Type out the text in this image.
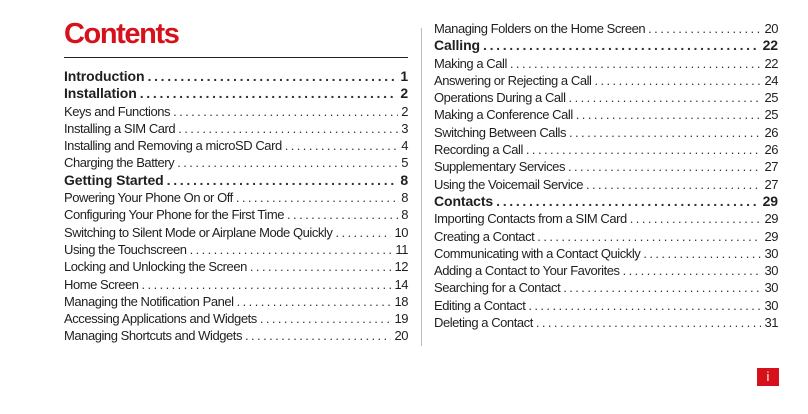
Contents
Introduction . . .	1
Installation . . .	2
Keys and Functions . . .	2
Installing a SIM Card . . .	3
Installing and Removing a microSD Card . . .	4
Charging the Battery . . .	5
Getting Started . . .	8
Powering Your Phone On or Off . . .	8
Configuring Your Phone for the First Time . . .	8
Switching to Silent Mode or Airplane Mode Quickly . . .	10
Using the Touchscreen . . .	11
Locking and Unlocking the Screen . . .	12
Home Screen . . .	14
Managing the Notification Panel . . .	18
Accessing Applications and Widgets . . .	19
Managing Shortcuts and Widgets . . .	20
Managing Folders on the Home Screen . . .	20
Calling . . .	22
Making a Call . . .	22
Answering or Rejecting a Call . . .	24
Operations During a Call . . .	25
Making a Conference Call . . .	25
Switching Between Calls . . .	26
Recording a Call . . .	26
Supplementary Services . . .	27
Using the Voicemail Service . . .	27
Contacts . . .	29
Importing Contacts from a SIM Card . . .	29
Creating a Contact . . .	29
Communicating with a Contact Quickly . . .	30
Adding a Contact to Your Favorites . . .	30
Searching for a Contact . . .	30
Editing a Contact . . .	30
Deleting a Contact . . .	31
i
